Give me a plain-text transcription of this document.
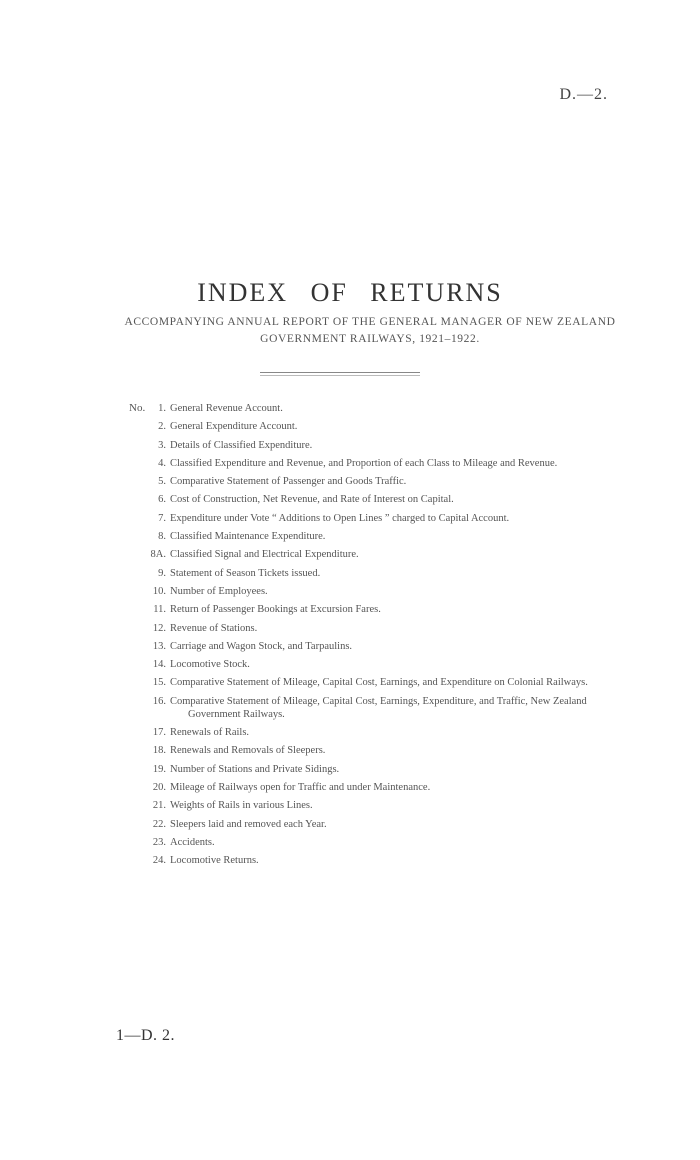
D.—2.
INDEX OF RETURNS
ACCOMPANYING ANNUAL REPORT OF THE GENERAL MANAGER OF NEW ZEALAND
GOVERNMENT RAILWAYS, 1921–1922.
No.	1. General Revenue Account.
2. General Expenditure Account.
3. Details of Classified Expenditure.
4. Classified Expenditure and Revenue, and Proportion of each Class to Mileage and Revenue.
5. Comparative Statement of Passenger and Goods Traffic.
6. Cost of Construction, Net Revenue, and Rate of Interest on Capital.
7. Expenditure under Vote “ Additions to Open Lines ” charged to Capital Account.
8. Classified Maintenance Expenditure.
8A. Classified Signal and Electrical Expenditure.
9. Statement of Season Tickets issued.
10. Number of Employees.
11. Return of Passenger Bookings at Excursion Fares.
12. Revenue of Stations.
13. Carriage and Wagon Stock, and Tarpaulins.
14. Locomotive Stock.
15. Comparative Statement of Mileage, Capital Cost, Earnings, and Expenditure on Colonial Railways.
16. Comparative Statement of Mileage, Capital Cost, Earnings, Expenditure, and Traffic, New Zealand
Government Railways.
17. Renewals of Rails.
18. Renewals and Removals of Sleepers.
19. Number of Stations and Private Sidings.
20. Mileage of Railways open for Traffic and under Maintenance.
21. Weights of Rails in various Lines.
22. Sleepers laid and removed each Year.
23. Accidents.
24. Locomotive Returns.
1—D. 2.
